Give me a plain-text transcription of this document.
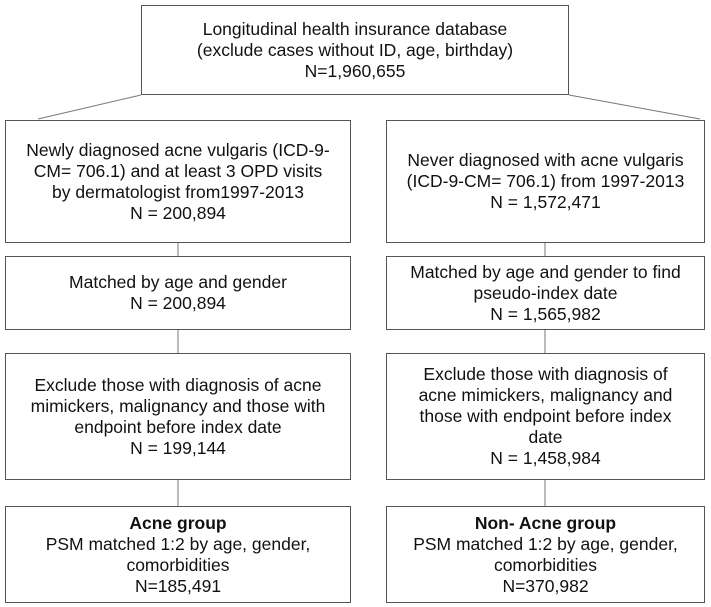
Longitudinal health insurance database
(exclude cases without ID, age, birthday)
N=1,960,655
Newly diagnosed acne vulgaris (ICD-9-
CM= 706.1) and at least 3 OPD visits
by dermatologist from1997-2013
N = 200,894
Matched by age and gender
N = 200,894
Exclude those with diagnosis of acne
mimickers, malignancy and those with
endpoint before index date
N = 199,144
Acne group
PSM matched 1:2 by age, gender,
comorbidities
N=185,491
Never diagnosed with acne vulgaris
(ICD-9-CM= 706.1) from 1997-2013
N = 1,572,471
Matched by age and gender to find
pseudo-index date
N = 1,565,982
Exclude those with diagnosis of
acne mimickers, malignancy and
those with endpoint before index
date
N = 1,458,984
Non- Acne group
PSM matched 1:2 by age, gender,
comorbidities
N=370,982
